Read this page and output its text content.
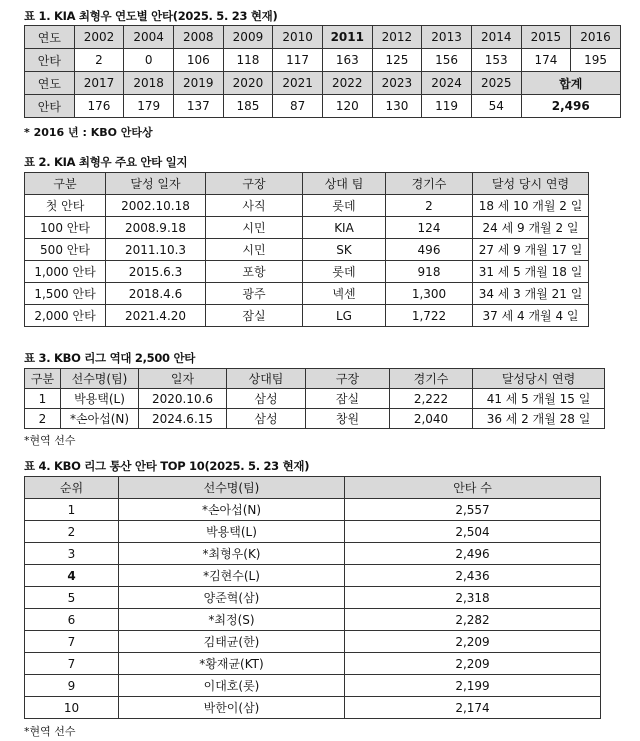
표 1. KIA 최형우 연도별 안타(2025. 5. 23 현재)
연도	2002	2004	2008	2009	2010	2011	2012	2013	2014	2015	2016
안타	2	0	106	118	117	163	125	156	153	174	195
연도	2017	2018	2019	2020	2021	2022	2023	2024	2025	합계	
안타	176	179	137	185	87	120	130	119	54	2,496	
* 2016 년 : KBO 안타상
표 2. KIA 최형우 주요 안타 일지
구분	달성 일자	구장	상대 팀	경기수	달성 당시 연령
첫 안타	2002.10.18	사직	롯데	2	18 세 10 개월 2 일
100 안타	2008.9.18	시민	KIA	124	24 세 9 개월 2 일
500 안타	2011.10.3	시민	SK	496	27 세 9 개월 17 일
1,000 안타	2015.6.3	포항	롯데	918	31 세 5 개월 18 일
1,500 안타	2018.4.6	광주	넥센	1,300	34 세 3 개월 21 일
2,000 안타	2021.4.20	잠실	LG	1,722	37 세 4 개월 4 일
표 3. KBO 리그 역대 2,500 안타
구분	선수명(팀)	일자	상대팀	구장	경기수	달성당시 연령
1	박용택(L)	2020.10.6	삼성	잠실	2,222	41 세 5 개월 15 일
2	*손아섭(N)	2024.6.15	삼성	창원	2,040	36 세 2 개월 28 일
*현역 선수
표 4. KBO 리그 통산 안타 TOP 10(2025. 5. 23 현재)
순위	선수명(팀)	안타 수
1	*손아섭(N)	2,557
2	박용택(L)	2,504
3	*최형우(K)	2,496
4	*김현수(L)	2,436
5	양준혁(삼)	2,318
6	*최정(S)	2,282
7	김태균(한)	2,209
7	*황재균(KT)	2,209
9	이대호(롯)	2,199
10	박한이(삼)	2,174
*현역 선수
